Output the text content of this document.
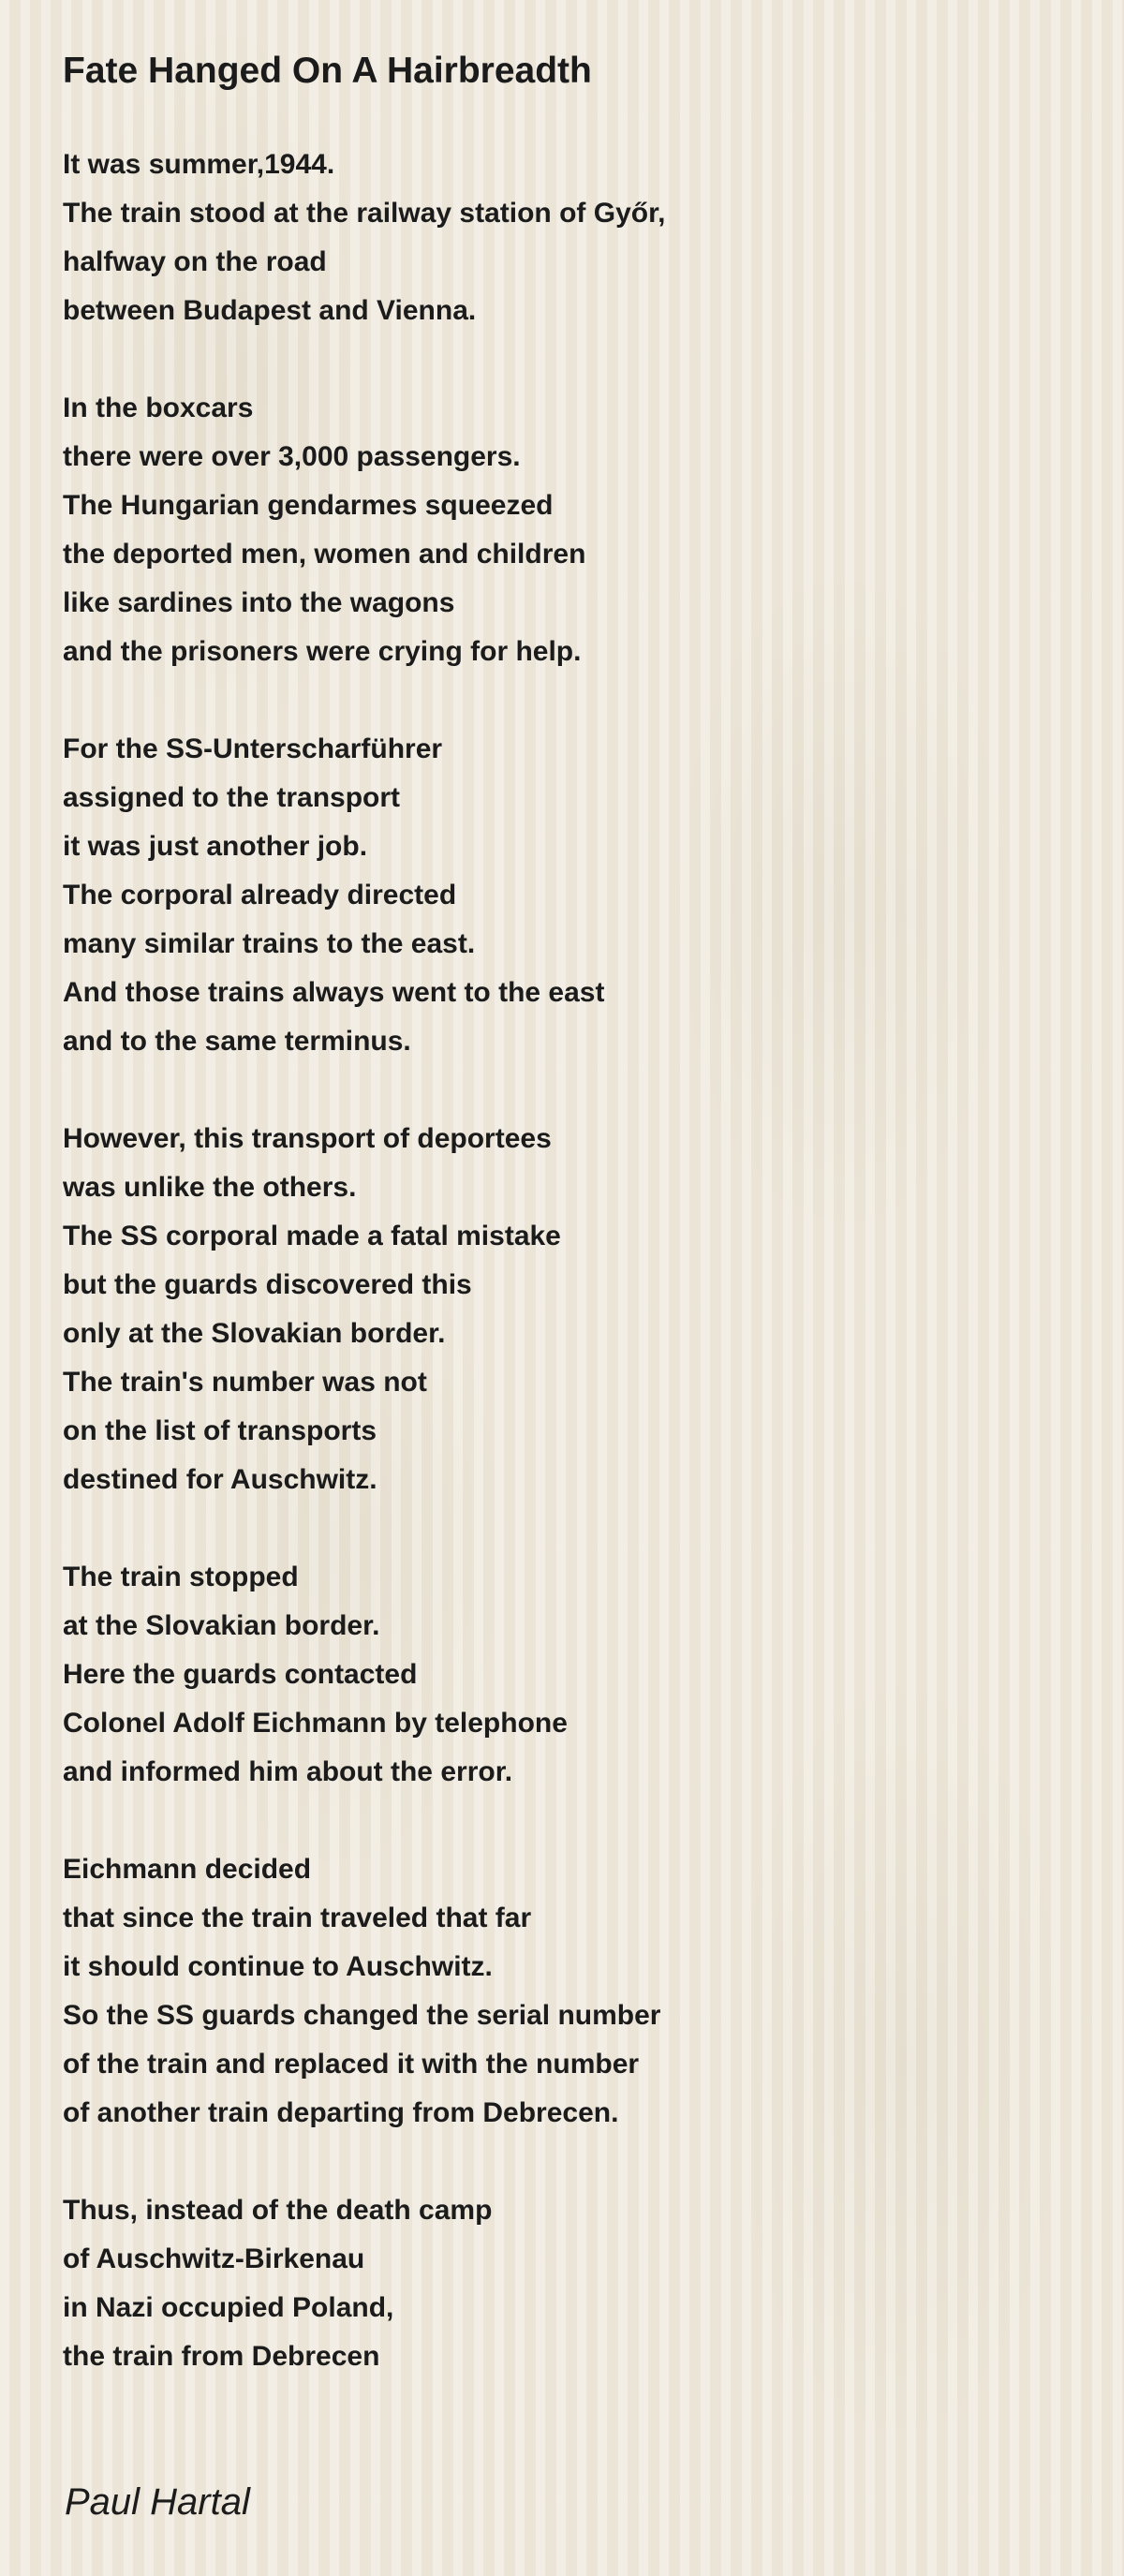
Fate Hanged On A Hairbreadth
It was summer,1944.
The train stood at the railway station of Győr,
halfway on the road
between Budapest and Vienna.
In the boxcars
there were over 3,000 passengers.
The Hungarian gendarmes squeezed
the deported men, women and children
like sardines into the wagons
and the prisoners were crying for help.
For the SS-Unterscharführer
assigned to the transport
it was just another job.
The corporal already directed
many similar trains to the east.
And those trains always went to the east
and to the same terminus.
However, this transport of deportees
was unlike the others.
The SS corporal made a fatal mistake
but the guards discovered this
only at the Slovakian border.
The train's number was not
on the list of transports
destined for Auschwitz.
The train stopped
at the Slovakian border.
Here the guards contacted
Colonel Adolf Eichmann by telephone
and informed him about the error.
Eichmann decided
that since the train traveled that far
it should continue to Auschwitz.
So the SS guards changed the serial number
of the train and replaced it with the number
of another train departing from Debrecen.
Thus, instead of the death camp
of Auschwitz-Birkenau
in Nazi occupied Poland,
the train from Debrecen
Paul Hartal
